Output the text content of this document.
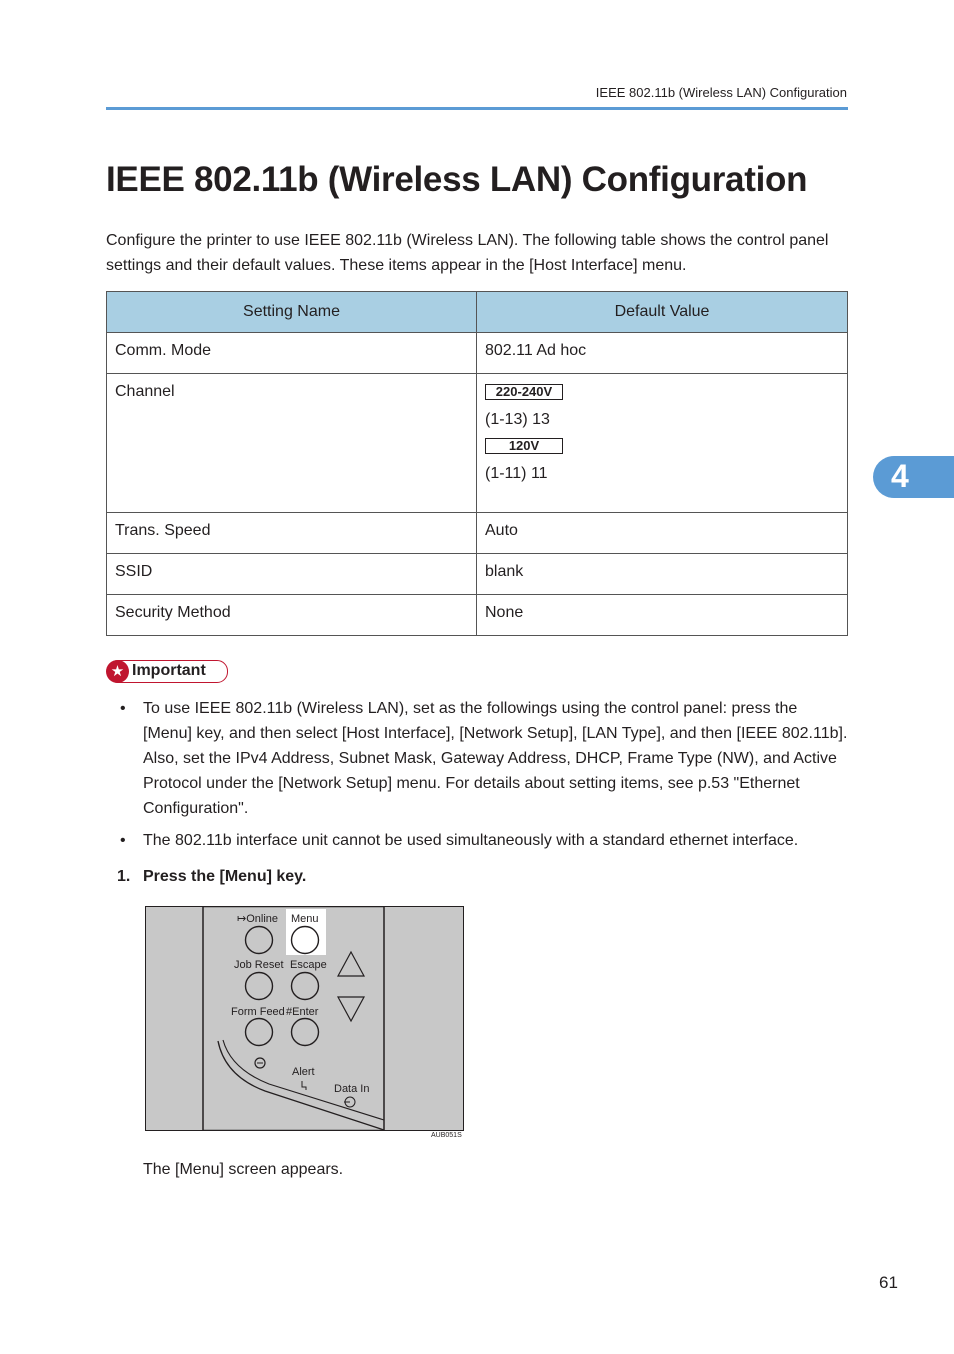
IEEE 802.11b (Wireless LAN) Configuration
IEEE 802.11b (Wireless LAN) Configuration

Configure the printer to use IEEE 802.11b (Wireless LAN). The following table shows the control panel settings and their default values. These items appear in the [Host Interface] menu.

Setting Name	Default Value
Comm. Mode	802.11 Ad hoc
Channel	220-240V
(1-13) 13
120V
(1-11) 11

Trans. Speed	Auto
SSID	blank
Security Method	None
4
★ Important
• To use IEEE 802.11b (Wireless LAN), set as the followings using the control panel: press the [Menu] key, and then select [Host Interface], [Network Setup], [LAN Type], and then [IEEE 802.11b]. Also, set the IPv4 Address, Subnet Mask, Gateway Address, DHCP, Frame Type (NW), and Active Protocol under the [Network Setup] menu. For details about setting items, see p.53 "Ethernet Configuration".
• The 802.11b interface unit cannot be used simultaneously with a standard ethernet interface.
1. Press the [Menu] key.
↦Online Menu
Job Reset Escape
Form Feed #Enter
Alert
Data In
AUB051S
The [Menu] screen appears.
61
